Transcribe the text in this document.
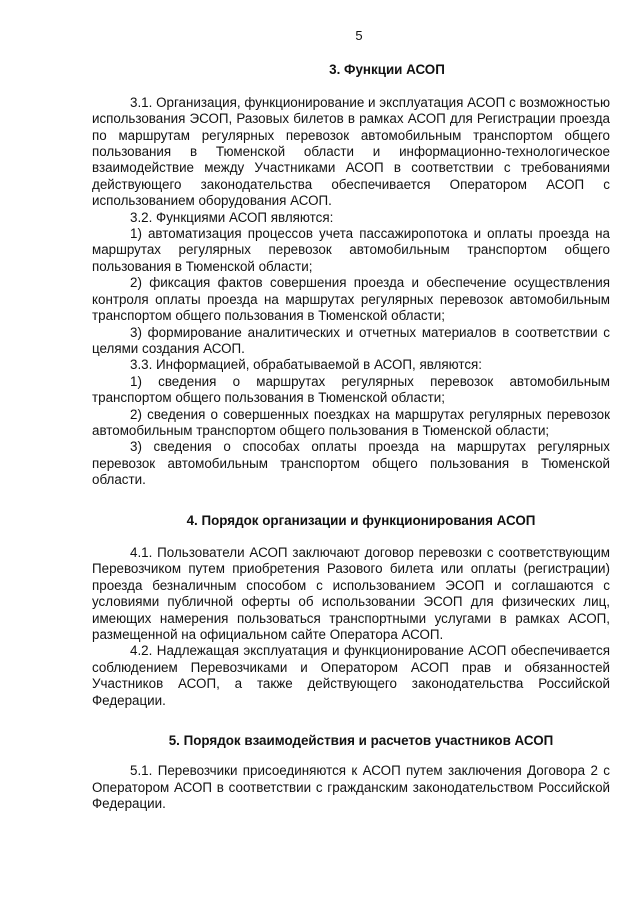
5
3. Функции АСОП

3.1. Организация, функционирование и эксплуатация АСОП с возможностью использования ЭСОП, Разовых билетов в рамках АСОП для Регистрации проезда по маршрутам регулярных перевозок автомобильным транспортом общего пользования в Тюменской области и информационно-технологическое взаимодействие между Участниками АСОП в соответствии с требованиями действующего законодательства обеспечивается Оператором АСОП с использованием оборудования АСОП.

3.2. Функциями АСОП являются:

1) автоматизация процессов учета пассажиропотока и оплаты проезда на маршрутах регулярных перевозок автомобильным транспортом общего пользования в Тюменской области;

2) фиксация фактов совершения проезда и обеспечение осуществления контроля оплаты проезда на маршрутах регулярных перевозок автомобильным транспортом общего пользования в Тюменской области;

3) формирование аналитических и отчетных материалов в соответствии с целями создания АСОП.

3.3. Информацией, обрабатываемой в АСОП, являются:

1) сведения о маршрутах регулярных перевозок автомобильным транспортом общего пользования в Тюменской области;

2) сведения о совершенных поездках на маршрутах регулярных перевозок автомобильным транспортом общего пользования в Тюменской области;

3) сведения о способах оплаты проезда на маршрутах регулярных перевозок автомобильным транспортом общего пользования в Тюменской области.

4. Порядок организации и функционирования АСОП

4.1. Пользователи АСОП заключают договор перевозки с соответствующим Перевозчиком путем приобретения Разового билета или оплаты (регистрации) проезда безналичным способом с использованием ЭСОП и соглашаются с условиями публичной оферты об использовании ЭСОП для физических лиц, имеющих намерения пользоваться транспортными услугами в рамках АСОП, размещенной на официальном сайте Оператора АСОП.

4.2. Надлежащая эксплуатация и функционирование АСОП обеспечивается соблюдением Перевозчиками и Оператором АСОП прав и обязанностей Участников АСОП, а также действующего законодательства Российской Федерации.

5. Порядок взаимодействия и расчетов участников АСОП

5.1. Перевозчики присоединяются к АСОП путем заключения Договора 2 с Оператором АСОП в соответствии с гражданским законодательством Российской Федерации.
